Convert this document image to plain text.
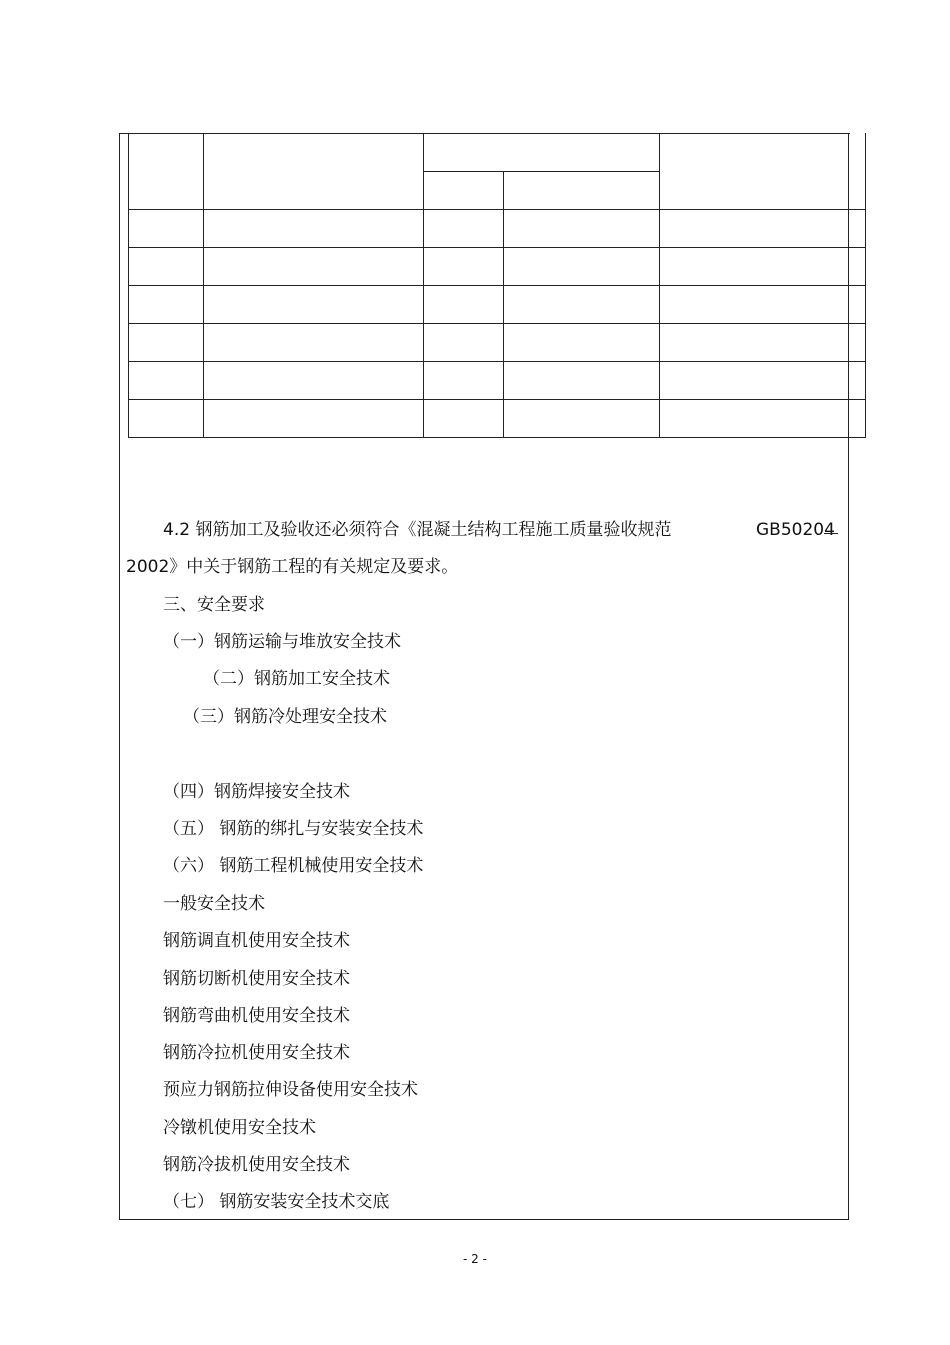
4.2 钢筋加工及验收还必须符合《混凝土结构工程施工质量验收规范	GB50204
2002》中关于钢筋工程的有关规定及要求。
三、安全要求
（一）钢筋运输与堆放安全技术
（二）钢筋加工安全技术
（三）钢筋冷处理安全技术
（四）钢筋焊接安全技术
（五） 钢筋的绑扎与安装安全技术
（六） 钢筋工程机械使用安全技术
一般安全技术
钢筋调直机使用安全技术
钢筋切断机使用安全技术
钢筋弯曲机使用安全技术
钢筋冷拉机使用安全技术
预应力钢筋拉伸设备使用安全技术
冷镦机使用安全技术
钢筋冷拔机使用安全技术
（七） 钢筋安装安全技术交底
- 2 -
